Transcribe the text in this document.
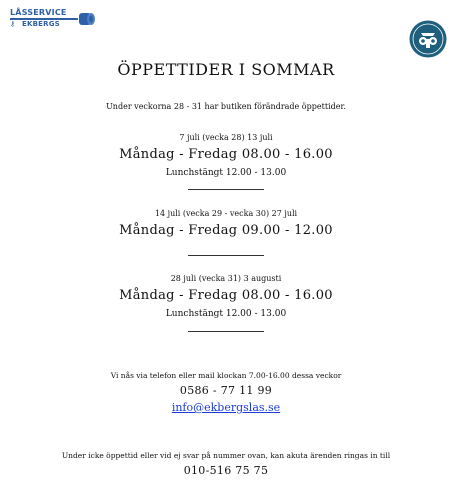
LÅSSERVICE
⚷ EKBERGS
ÖPPETTIDER I SOMMAR
Under veckorna 28 - 31 har butiken förändrade öppettider.
7 juli (vecka 28) 13 juli
Måndag - Fredag 08.00 - 16.00
Lunchstängt 12.00 - 13.00
14 juli (vecka 29 - vecka 30) 27 juli
Måndag - Fredag 09.00 - 12.00
28 juli (vecka 31) 3 augusti
Måndag - Fredag 08.00 - 16.00
Lunchstängt 12.00 - 13.00
Vi nås via telefon eller mail klockan 7.00-16.00 dessa veckor
0586 - 77 11 99
info@ekbergslas.se
Under icke öppettid eller vid ej svar på nummer ovan, kan akuta ärenden ringas in till
010-516 75 75
